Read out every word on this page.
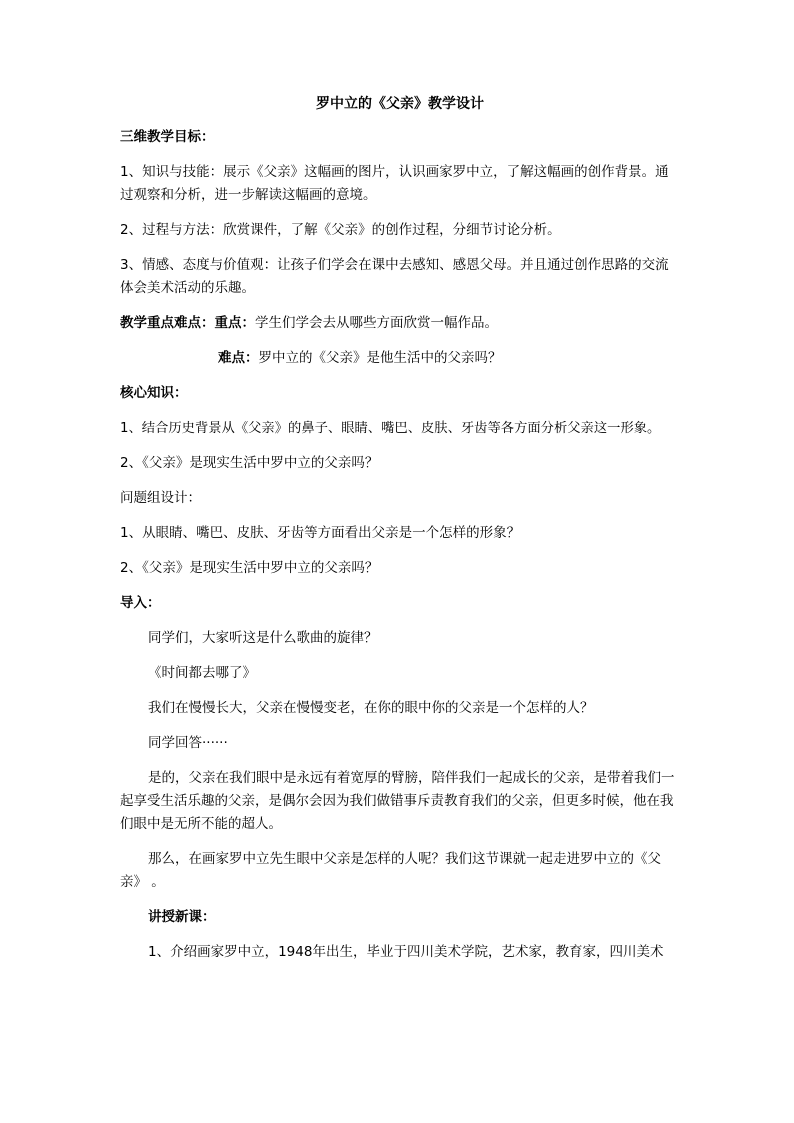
罗中立的《父亲》教学设计

三维教学目标：

1、知识与技能：展示《父亲》这幅画的图片，认识画家罗中立，了解这幅画的创作背景。通过观察和分析，进一步解读这幅画的意境。

2、过程与方法：欣赏课件，了解《父亲》的创作过程，分细节讨论分析。

3、情感、态度与价值观：让孩子们学会在课中去感知、感恩父母。并且通过创作思路的交流体会美术活动的乐趣。

教学重点难点：重点：学生们学会去从哪些方面欣赏一幅作品。

难点：罗中立的《父亲》是他生活中的父亲吗？

核心知识：

1、结合历史背景从《父亲》的鼻子、眼睛、嘴巴、皮肤、牙齿等各方面分析父亲这一形象。

2、《父亲》是现实生活中罗中立的父亲吗？

问题组设计：

1、从眼睛、嘴巴、皮肤、牙齿等方面看出父亲是一个怎样的形象？

2、《父亲》是现实生活中罗中立的父亲吗？

导入：

同学们，大家听这是什么歌曲的旋律？

《时间都去哪了》

我们在慢慢长大，父亲在慢慢变老，在你的眼中你的父亲是一个怎样的人？

同学回答······

是的，父亲在我们眼中是永远有着宽厚的臂膀，陪伴我们一起成长的父亲，是带着我们一起享受生活乐趣的父亲，是偶尔会因为我们做错事斥责教育我们的父亲，但更多时候，他在我们眼中是无所不能的超人。

那么，在画家罗中立先生眼中父亲是怎样的人呢？我们这节课就一起走进罗中立的《父亲》 。

讲授新课：

1、介绍画家罗中立，1948年出生，毕业于四川美术学院，艺术家，教育家，四川美术
